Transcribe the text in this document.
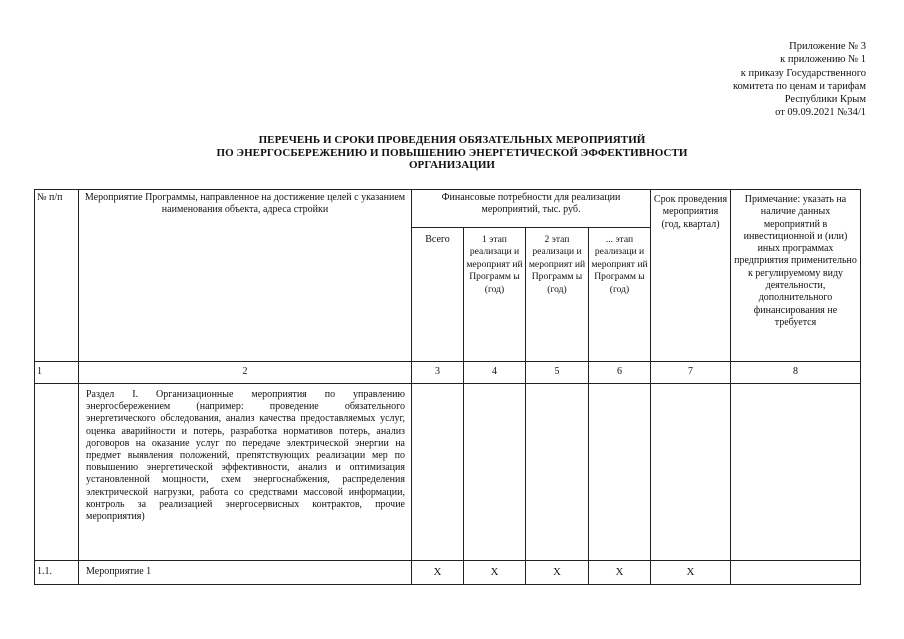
Приложение № 3
к приложению № 1
к приказу Государственного
комитета по ценам и тарифам
Республики Крым
от 09.09.2021 №34/1
ПЕРЕЧЕНЬ И СРОКИ ПРОВЕДЕНИЯ ОБЯЗАТЕЛЬНЫХ МЕРОПРИЯТИЙ
ПО ЭНЕРГОСБЕРЕЖЕНИЮ И ПОВЫШЕНИЮ ЭНЕРГЕТИЧЕСКОЙ ЭФФЕКТИВНОСТИ
ОРГАНИЗАЦИИ
№ п/п	Мероприятие Программы, направленное на достижение целей с указанием наименования объекта, адреса стройки	Финансовые потребности для реализации мероприятий, тыс. руб.				Срок проведения мероприятия (год, квартал)	Примечание: указать на наличие данных мероприятий в инвестиционной и (или) иных программах предприятия применительно к регулируемому виду деятельности, дополнительного финансирования не требуется
		Всего	1 этап реализаци и мероприят ий Программ ы (год)	2 этап реализаци и мероприят ий Программ ы (год)	... этап реализаци и мероприят ий Программ ы (год)		
1	2	3	4	5	6	7	8
	Раздел I. Организационные мероприятия по управлению энергосбережением (например: проведение обязательного энергетического обследования, анализ качества предоставляемых услуг, оценка аварийности и потерь, разработка нормативов потерь, анализ договоров на оказание услуг по передаче электрической энергии на предмет выявления положений, препятствующих реализации мер по повышению энергетической эффективности, анализ и оптимизация установленной мощности, схем энергоснабжения, распределения электрической нагрузки, работа со средствами массовой информации, контроль за реализацией энергосервисных контрактов, прочие мероприятия)						
1.1.	Мероприятие 1	X	X	X	X	X	
